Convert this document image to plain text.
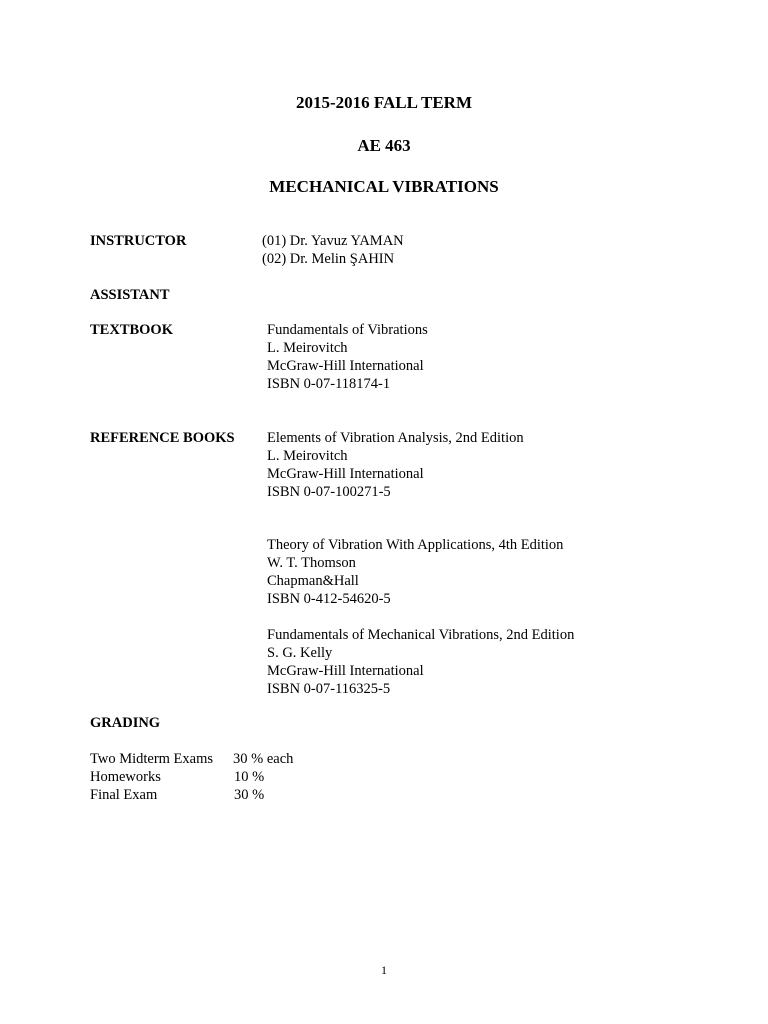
2015-2016 FALL TERM
AE 463
MECHANICAL VIBRATIONS
INSTRUCTOR	(01) Dr. Yavuz YAMAN
(02) Dr. Melin ŞAHIN
ASSISTANT
TEXTBOOK	Fundamentals of Vibrations
L. Meirovitch
McGraw-Hill International
ISBN 0-07-118174-1
REFERENCE BOOKS Elements of Vibration Analysis, 2nd Edition
L. Meirovitch
McGraw-Hill International
ISBN 0-07-100271-5
Theory of Vibration With Applications, 4th Edition
W. T. Thomson
Chapman&Hall
ISBN 0-412-54620-5
Fundamentals of Mechanical Vibrations, 2nd Edition
S. G. Kelly
McGraw-Hill International
ISBN 0-07-116325-5
GRADING
Two Midterm Exams 30 % each
Homeworks	10 %
Final Exam	30 %
1
